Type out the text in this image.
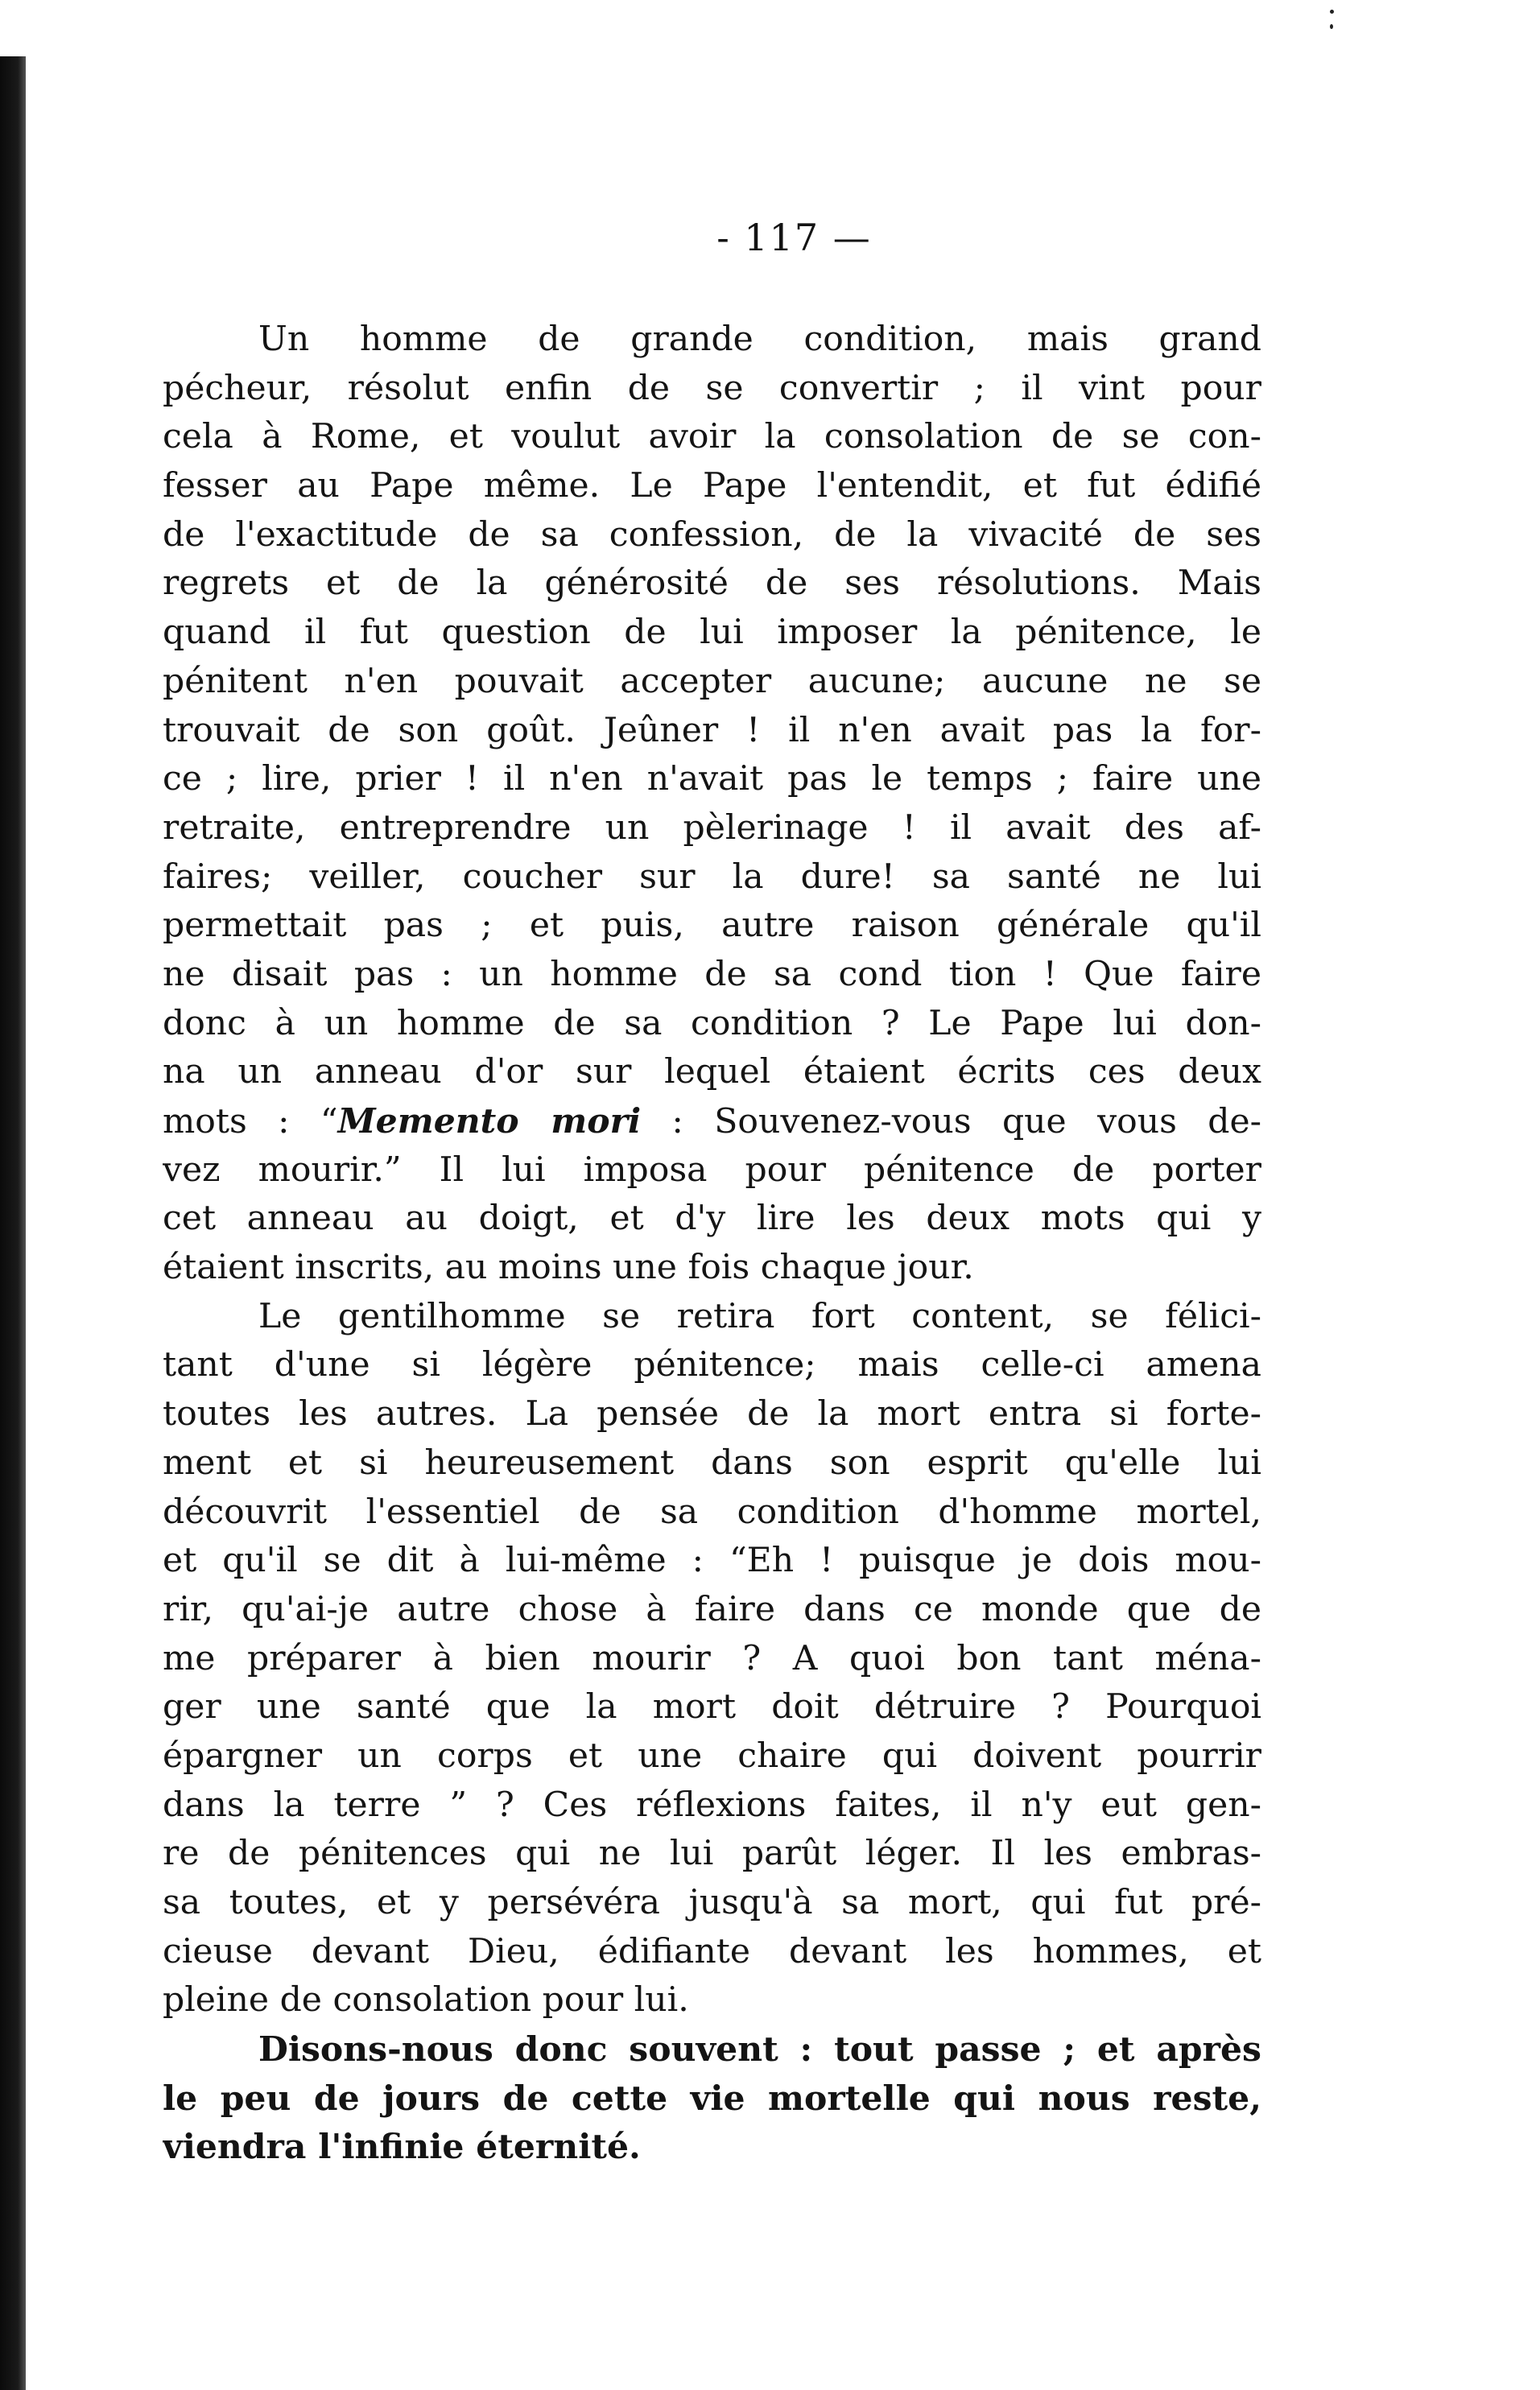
- 117 —
Un homme de grande condition, mais grand
pécheur, résolut enfin de se convertir ; il vint pour
cela à Rome, et voulut avoir la consolation de se con-
fesser au Pape même. Le Pape l'entendit, et fut édifié
de l'exactitude de sa confession, de la vivacité de ses
regrets et de la générosité de ses résolutions. Mais
quand il fut question de lui imposer la pénitence, le
pénitent n'en pouvait accepter aucune; aucune ne se
trouvait de son goût. Jeûner ! il n'en avait pas la for-
ce ; lire, prier ! il n'en n'avait pas le temps ; faire une
retraite, entreprendre un pèlerinage ! il avait des af-
faires; veiller, coucher sur la dure! sa santé ne lui
permettait pas ; et puis, autre raison générale qu'il
ne disait pas : un homme de sa cond tion ! Que faire
donc à un homme de sa condition ? Le Pape lui don-
na un anneau d'or sur lequel étaient écrits ces deux
mots : “Memento mori : Souvenez-vous que vous de-
vez mourir.” Il lui imposa pour pénitence de porter
cet anneau au doigt, et d'y lire les deux mots qui y
étaient inscrits, au moins une fois chaque jour.
Le gentilhomme se retira fort content, se félici-
tant d'une si légère pénitence; mais celle-ci amena
toutes les autres. La pensée de la mort entra si forte-
ment et si heureusement dans son esprit qu'elle lui
découvrit l'essentiel de sa condition d'homme mortel,
et qu'il se dit à lui-même : “Eh ! puisque je dois mou-
rir, qu'ai-je autre chose à faire dans ce monde que de
me préparer à bien mourir ? A quoi bon tant ména-
ger une santé que la mort doit détruire ? Pourquoi
épargner un corps et une chaire qui doivent pourrir
dans la terre ” ? Ces réflexions faites, il n'y eut gen-
re de pénitences qui ne lui parût léger. Il les embras-
sa toutes, et y persévéra jusqu'à sa mort, qui fut pré-
cieuse devant Dieu, édifiante devant les hommes, et
pleine de consolation pour lui.
Disons-nous donc souvent : tout passe ; et après
le peu de jours de cette vie mortelle qui nous reste,
viendra l'infinie éternité.
